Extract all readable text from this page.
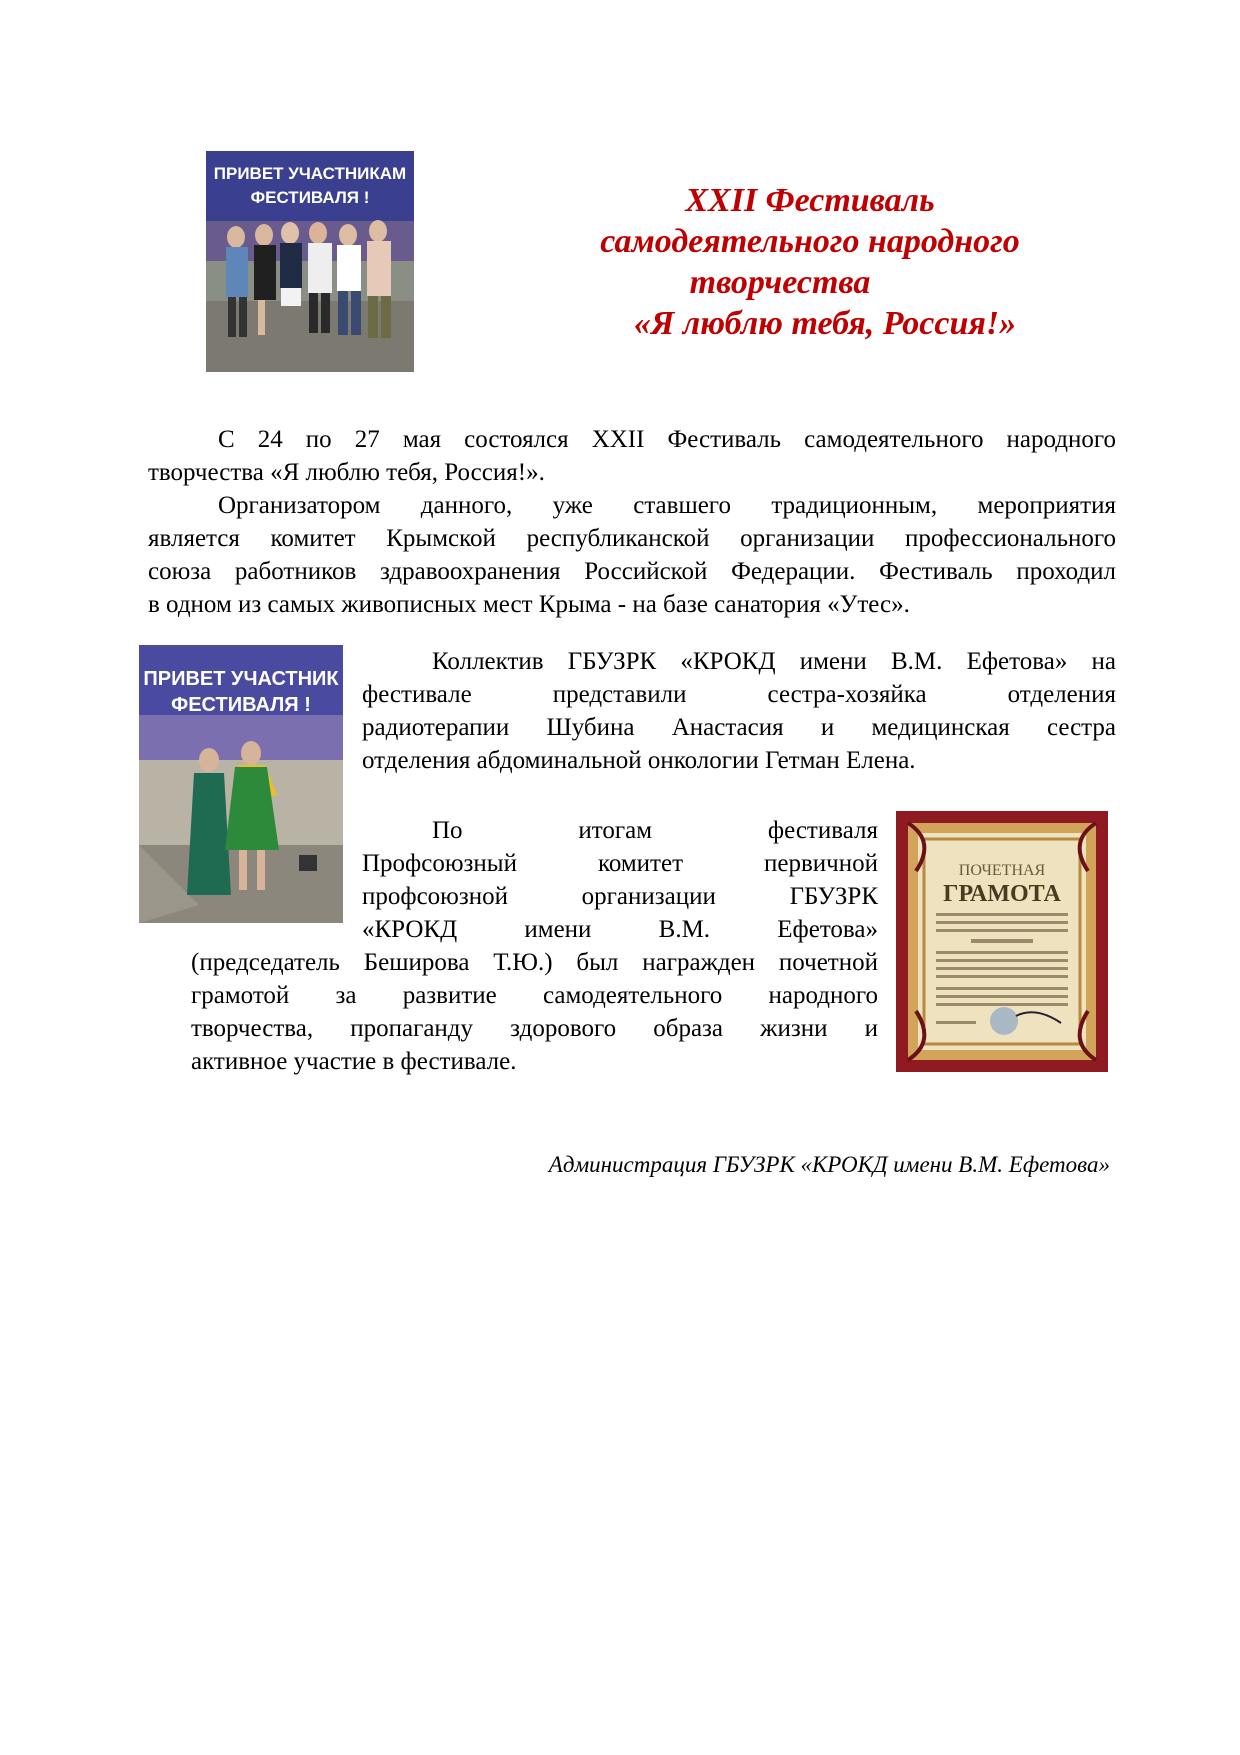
ПРИВЕТ УЧАСТНИКАМ
ФЕСТИВАЛЯ !	XXII Фестиваль
самодеятельного народного
творчества
«Я люблю тебя, Россия!»
С 24 по 27 мая состоялся XXII Фестиваль самодеятельного народного
творчества «Я люблю тебя, Россия!».
Организатором данного, уже ставшего традиционным, мероприятия
является комитет Крымской республиканской организации профессионального
союза работников здравоохранения Российской Федерации. Фестиваль проходил
в одном из самых живописных мест Крыма - на базе санатория «Утес».
ПРИВЕТ УЧАСТНИК
ФЕСТИВАЛЯ !
Коллектив ГБУЗРК «КРОКД имени В.М. Ефетова» на
фестивале представили сестра-хозяйка отделения
радиотерапии Шубина Анастасия и медицинская сестра
отделения абдоминальной онкологии Гетман Елена.
По итогам фестиваля
Профсоюзный комитет первичной
профсоюзной организации ГБУЗРК
«КРОКД имени В.М. Ефетова»
(председатель Беширова Т.Ю.) был награжден почетной
грамотой за развитие самодеятельного народного
творчества, пропаганду здорового образа жизни и
активное участие в фестивале.
ПОЧЕТНАЯ
ГРАМОТА
Администрация ГБУЗРК «КРОКД имени В.М. Ефетова»
